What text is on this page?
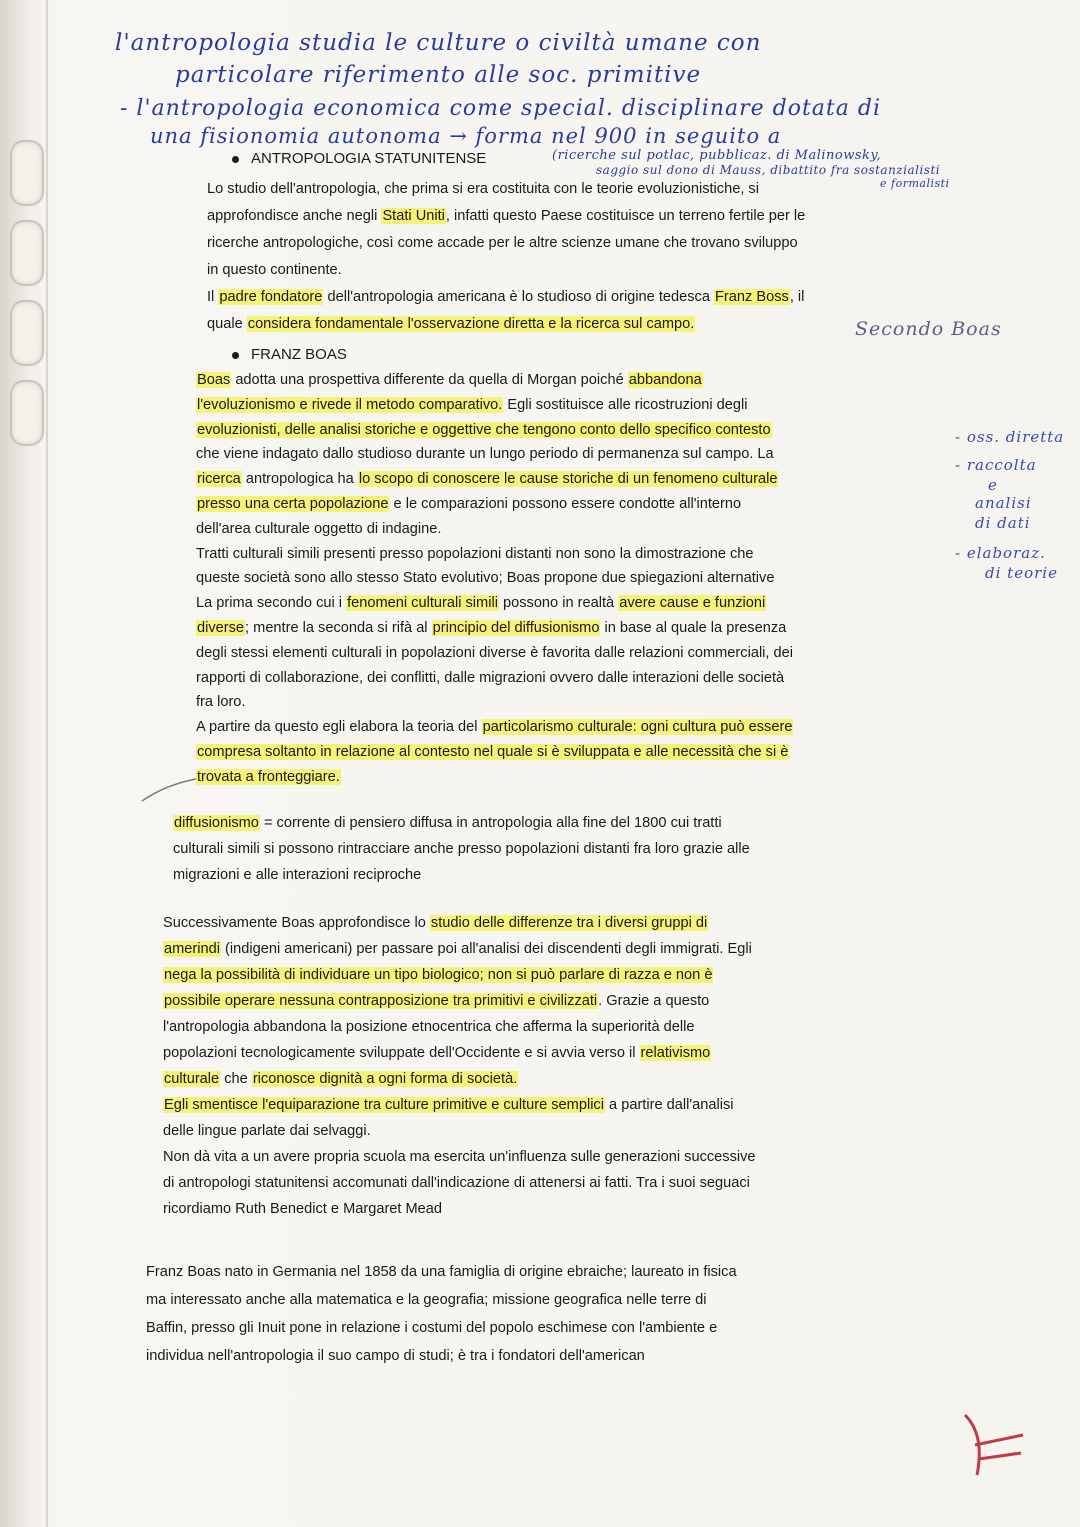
l'antropologia studia le culture o civiltà umane con
particolare riferimento alle soc. primitive
- l'antropologia economica come special. disciplinare dotata di
una fisionomia autonoma → forma nel 900 in seguito a
ANTROPOLOGIA STATUNITENSE	(ricerche sul potlac, pubblicaz. di Malinowsky,
saggio sul dono di Mauss, dibattito fra sostanzialisti
e formalisti

Lo studio dell'antropologia, che prima si era costituita con le teorie evoluzionistiche, si

approfondisce anche negli Stati Uniti, infatti questo Paese costituisce un terreno fertile per le

ricerche antropologiche, così come accade per le altre scienze umane che trovano sviluppo

in questo continente.

Il padre fondatore dell'antropologia americana è lo studioso di origine tedesca Franz Boss, il

quale considera fondamentale l'osservazione diretta e la ricerca sul campo.	Secondo Boas
FRANZ BOAS

Boas adotta una prospettiva differente da quella di Morgan poiché abbandona

l'evoluzionismo e rivede il metodo comparativo. Egli sostituisce alle ricostruzioni degli

evoluzionisti, delle analisi storiche e oggettive che tengono conto dello specifico contesto

che viene indagato dallo studioso durante un lungo periodo di permanenza sul campo. La

ricerca antropologica ha lo scopo di conoscere le cause storiche di un fenomeno culturale

presso una certa popolazione e le comparazioni possono essere condotte all'interno

dell'area culturale oggetto di indagine.

Tratti culturali simili presenti presso popolazioni distanti non sono la dimostrazione che

queste società sono allo stesso Stato evolutivo; Boas propone due spiegazioni alternative

La prima secondo cui i fenomeni culturali simili possono in realtà avere cause e funzioni

diverse; mentre la seconda si rifà al principio del diffusionismo in base al quale la presenza

degli stessi elementi culturali in popolazioni diverse è favorita dalle relazioni commerciali, dei

rapporti di collaborazione, dei conflitti, dalle migrazioni ovvero dalle interazioni delle società

fra loro.

A partire da questo egli elabora la teoria del particolarismo culturale: ogni cultura può essere

compresa soltanto in relazione al contesto nel quale si è sviluppata e alle necessità che si è

trovata a fronteggiare.

- oss. diretta
- raccolta
e
analisi
di dati
- elaboraz.
di teorie

diffusionismo = corrente di pensiero diffusa in antropologia alla fine del 1800 cui tratti

culturali simili si possono rintracciare anche presso popolazioni distanti fra loro grazie alle

migrazioni e alle interazioni reciproche

Successivamente Boas approfondisce lo studio delle differenze tra i diversi gruppi di

amerindi (indigeni americani) per passare poi all'analisi dei discendenti degli immigrati. Egli

nega la possibilità di individuare un tipo biologico; non si può parlare di razza e non è

possibile operare nessuna contrapposizione tra primitivi e civilizzati. Grazie a questo

l'antropologia abbandona la posizione etnocentrica che afferma la superiorità delle

popolazioni tecnologicamente sviluppate dell'Occidente e si avvia verso il relativismo

culturale che riconosce dignità a ogni forma di società.

Egli smentisce l'equiparazione tra culture primitive e culture semplici a partire dall'analisi

delle lingue parlate dai selvaggi.

Non dà vita a un avere propria scuola ma esercita un'influenza sulle generazioni successive

di antropologi statunitensi accomunati dall'indicazione di attenersi ai fatti. Tra i suoi seguaci

ricordiamo Ruth Benedict e Margaret Mead

Franz Boas nato in Germania nel 1858 da una famiglia di origine ebraiche; laureato in fisica

ma interessato anche alla matematica e la geografia; missione geografica nelle terre di

Baffin, presso gli Inuit pone in relazione i costumi del popolo eschimese con l'ambiente e

individua nell'antropologia il suo campo di studi; è tra i fondatori dell'american
